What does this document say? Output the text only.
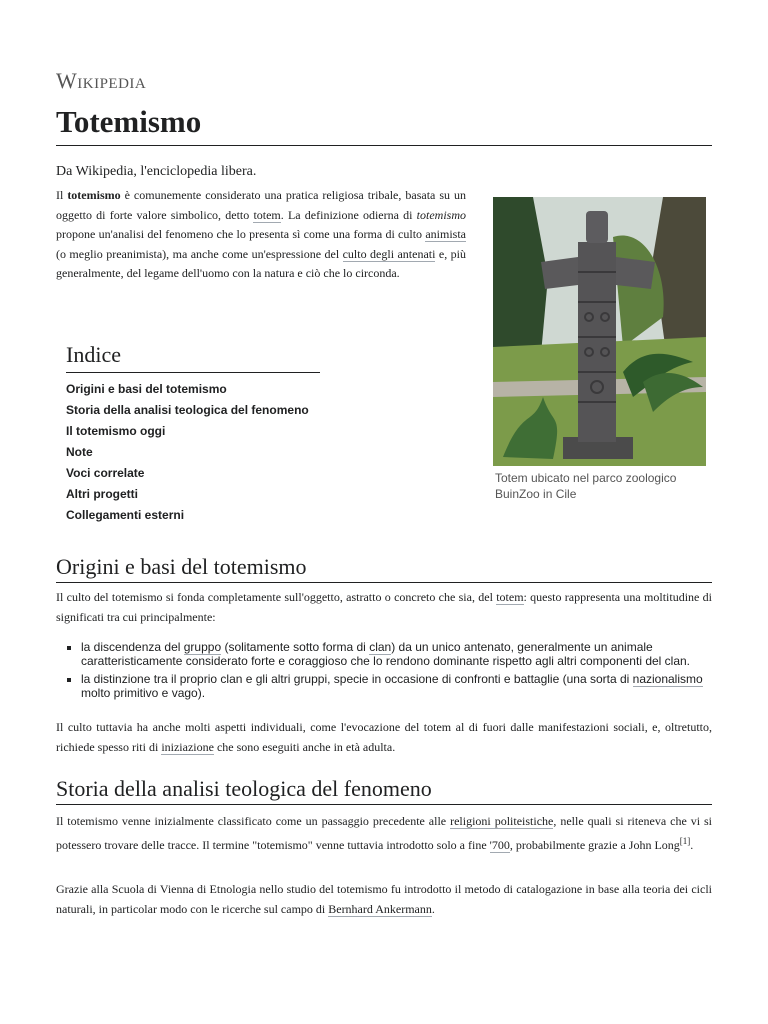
Wikipedia
Totemismo
Da Wikipedia, l'enciclopedia libera.
Il totemismo è comunemente considerato una pratica religiosa tribale, basata su un oggetto di forte valore simbolico, detto totem. La definizione odierna di totemismo propone un'analisi del fenomeno che lo presenta sì come una forma di culto animista (o meglio preanimista), ma anche come un'espressione del culto degli antenati e, più generalmente, del legame dell'uomo con la natura e ciò che lo circonda.
Totem ubicato nel parco zoologico BuinZoo in Cile
Indice
Origini e basi del totemismo
Storia della analisi teologica del fenomeno
Il totemismo oggi
Note
Voci correlate
Altri progetti
Collegamenti esterni
Origini e basi del totemismo
Il culto del totemismo si fonda completamente sull'oggetto, astratto o concreto che sia, del totem: questo rappresenta una moltitudine di significati tra cui principalmente:
▪ la discendenza del gruppo (solitamente sotto forma di clan) da un unico antenato, generalmente un animale caratteristicamente considerato forte e coraggioso che lo rendono dominante rispetto agli altri componenti del clan.
▪ la distinzione tra il proprio clan e gli altri gruppi, specie in occasione di confronti e battaglie (una sorta di nazionalismo molto primitivo e vago).
Il culto tuttavia ha anche molti aspetti individuali, come l'evocazione del totem al di fuori dalle manifestazioni sociali, e, oltretutto, richiede spesso riti di iniziazione che sono eseguiti anche in età adulta.
Storia della analisi teologica del fenomeno
Il totemismo venne inizialmente classificato come un passaggio precedente alle religioni politeistiche, nelle quali si riteneva che vi si potessero trovare delle tracce. Il termine "totemismo" venne tuttavia introdotto solo a fine '700, probabilmente grazie a John Long[1].
Grazie alla Scuola di Vienna di Etnologia nello studio del totemismo fu introdotto il metodo di catalogazione in base alla teoria dei cicli naturali, in particolar modo con le ricerche sul campo di Bernhard Ankermann.
